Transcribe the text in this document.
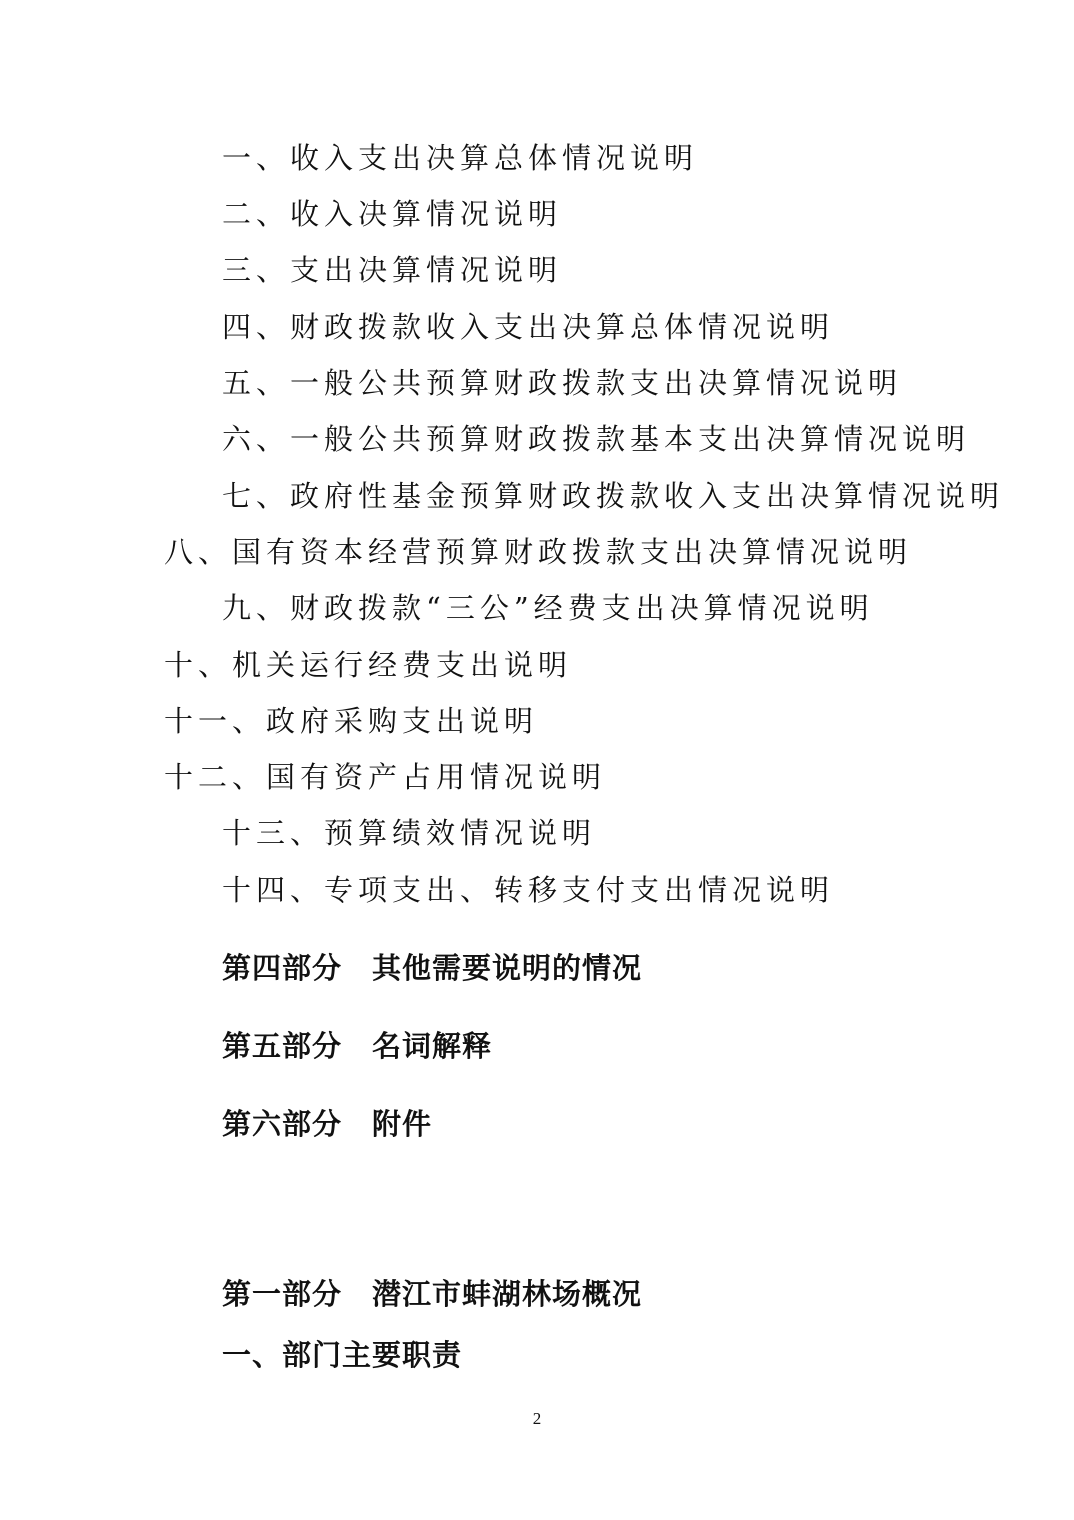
一、收入支出决算总体情况说明
二、收入决算情况说明
三、支出决算情况说明
四、财政拨款收入支出决算总体情况说明
五、一般公共预算财政拨款支出决算情况说明
六、一般公共预算财政拨款基本支出决算情况说明
七、政府性基金预算财政拨款收入支出决算情况说明
八、国有资本经营预算财政拨款支出决算情况说明
九、财政拨款“三公”经费支出决算情况说明
十、机关运行经费支出说明
十一、政府采购支出说明
十二、国有资产占用情况说明
十三、预算绩效情况说明
十四、专项支出、转移支付支出情况说明
第四部分 其他需要说明的情况
第五部分 名词解释
第六部分 附件
第一部分 潜江市蚌湖林场概况
一、部门主要职责
2
